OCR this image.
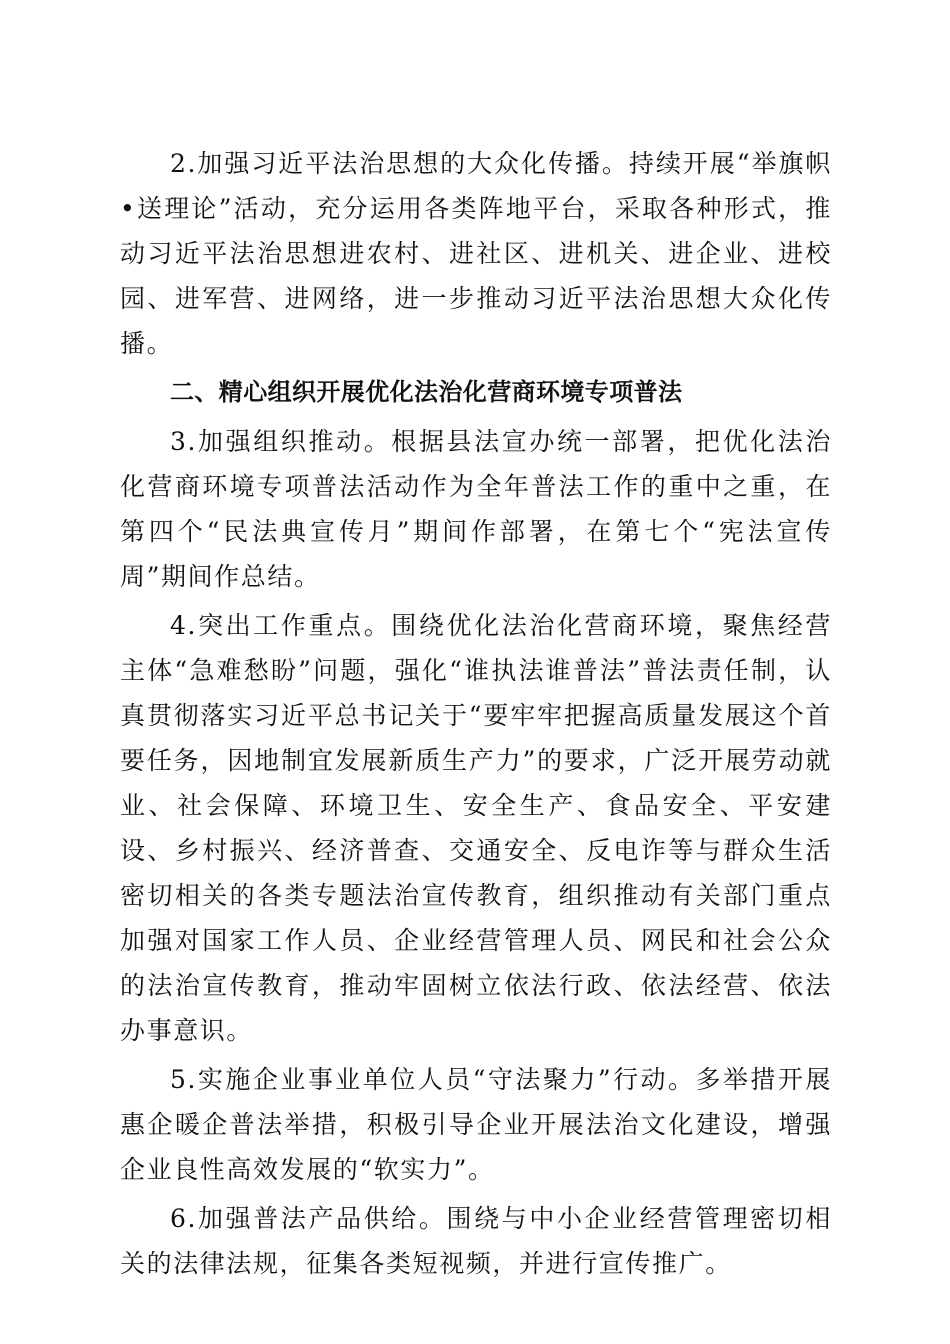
2.加强习近平法治思想的大众化传播。持续开展“举旗帜•送理论”活动，充分运用各类阵地平台，采取各种形式，推动习近平法治思想进农村、进社区、进机关、进企业、进校园、进军营、进网络，进一步推动习近平法治思想大众化传播。

二、精心组织开展优化法治化营商环境专项普法

3.加强组织推动。根据县法宣办统一部署，把优化法治化营商环境专项普法活动作为全年普法工作的重中之重，在第四个“民法典宣传月”期间作部署，在第七个“宪法宣传周”期间作总结。

4.突出工作重点。围绕优化法治化营商环境，聚焦经营主体“急难愁盼”问题，强化“谁执法谁普法”普法责任制，认真贯彻落实习近平总书记关于“要牢牢把握高质量发展这个首要任务，因地制宜发展新质生产力”的要求，广泛开展劳动就业、社会保障、环境卫生、安全生产、食品安全、平安建设、乡村振兴、经济普查、交通安全、反电诈等与群众生活密切相关的各类专题法治宣传教育，组织推动有关部门重点加强对国家工作人员、企业经营管理人员、网民和社会公众的法治宣传教育，推动牢固树立依法行政、依法经营、依法办事意识。

5.实施企业事业单位人员“守法聚力”行动。多举措开展惠企暖企普法举措，积极引导企业开展法治文化建设，增强企业良性高效发展的“软实力”。

6.加强普法产品供给。围绕与中小企业经营管理密切相关的法律法规，征集各类短视频，并进行宣传推广。
